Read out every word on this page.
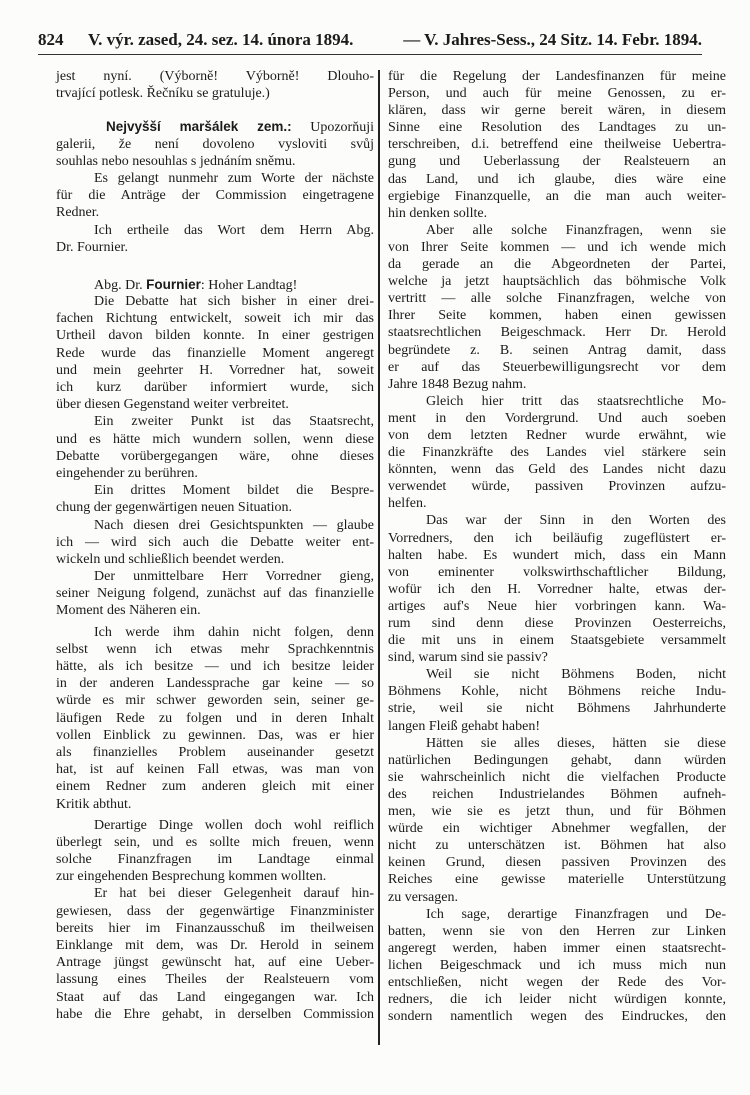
824 V. výr. zased, 24. sez. 14. února 1894.	— V. Jahres-Sess., 24 Sitz. 14. Febr. 1894.
jest nyní. (Výborně! Výborně! Dlouho-
trvající potlesk. Řečníku se gratuluje.)
Nejvyšší maršálek zem.: Upozorňuji
galerii, že není dovoleno vysloviti svůj
souhlas nebo nesouhlas s jednáním sněmu.
Es gelangt nunmehr zum Worte der nächste
für die Anträge der Commission eingetragene
Redner.
Ich ertheile das Wort dem Herrn Abg.
Dr. Fournier.
Abg. Dr. Fournier: Hoher Landtag!
Die Debatte hat sich bisher in einer drei-
fachen Richtung entwickelt, soweit ich mir das
Urtheil davon bilden konnte. In einer gestrigen
Rede wurde das finanzielle Moment angeregt
und mein geehrter H. Vorredner hat, soweit
ich kurz darüber informiert wurde, sich
über diesen Gegenstand weiter verbreitet.
Ein zweiter Punkt ist das Staatsrecht,
und es hätte mich wundern sollen, wenn diese
Debatte vorübergegangen wäre, ohne dieses
eingehender zu berühren.
Ein drittes Moment bildet die Bespre-
chung der gegenwärtigen neuen Situation.
Nach diesen drei Gesichtspunkten — glaube
ich — wird sich auch die Debatte weiter ent-
wickeln und schließlich beendet werden.
Der unmittelbare Herr Vorredner gieng,
seiner Neigung folgend, zunächst auf das finanzielle
Moment des Näheren ein.
Ich werde ihm dahin nicht folgen, denn
selbst wenn ich etwas mehr Sprachkenntnis
hätte, als ich besitze — und ich besitze leider
in der anderen Landessprache gar keine — so
würde es mir schwer geworden sein, seiner ge-
läufigen Rede zu folgen und in deren Inhalt
vollen Einblick zu gewinnen. Das, was er hier
als finanzielles Problem auseinander gesetzt
hat, ist auf keinen Fall etwas, was man von
einem Redner zum anderen gleich mit einer
Kritik abthut.
Derartige Dinge wollen doch wohl reiflich
überlegt sein, und es sollte mich freuen, wenn
solche Finanzfragen im Landtage einmal
zur eingehenden Besprechung kommen wollten.
Er hat bei dieser Gelegenheit darauf hin-
gewiesen, dass der gegenwärtige Finanzminister
bereits hier im Finanzausschuß im theilweisen
Einklange mit dem, was Dr. Herold in seinem
Antrage jüngst gewünscht hat, auf eine Ueber-
lassung eines Theiles der Realsteuern vom
Staat auf das Land eingegangen war. Ich
habe die Ehre gehabt, in derselben Commission
für die Regelung der Landesfinanzen für meine
Person, und auch für meine Genossen, zu er-
klären, dass wir gerne bereit wären, in diesem
Sinne eine Resolution des Landtages zu un-
terschreiben, d.i. betreffend eine theilweise Uebertra-
gung und Ueberlassung der Realsteuern an
das Land, und ich glaube, dies wäre eine
ergiebige Finanzquelle, an die man auch weiter-
hin denken sollte.
Aber alle solche Finanzfragen, wenn sie
von Ihrer Seite kommen — und ich wende mich
da gerade an die Abgeordneten der Partei,
welche ja jetzt hauptsächlich das böhmische Volk
vertritt — alle solche Finanzfragen, welche von
Ihrer Seite kommen, haben einen gewissen
staatsrechtlichen Beigeschmack. Herr Dr. Herold
begründete z. B. seinen Antrag damit, dass
er auf das Steuerbewilligungsrecht vor dem
Jahre 1848 Bezug nahm.
Gleich hier tritt das staatsrechtliche Mo-
ment in den Vordergrund. Und auch soeben
von dem letzten Redner wurde erwähnt, wie
die Finanzkräfte des Landes viel stärkere sein
könnten, wenn das Geld des Landes nicht dazu
verwendet würde, passiven Provinzen aufzu-
helfen.
Das war der Sinn in den Worten des
Vorredners, den ich beiläufig zugeflüstert er-
halten habe. Es wundert mich, dass ein Mann
von eminenter volkswirthschaftlicher Bildung,
wofür ich den H. Vorredner halte, etwas der-
artiges auf's Neue hier vorbringen kann. Wa-
rum sind denn diese Provinzen Oesterreichs,
die mit uns in einem Staatsgebiete versammelt
sind, warum sind sie passiv?
Weil sie nicht Böhmens Boden, nicht
Böhmens Kohle, nicht Böhmens reiche Indu-
strie, weil sie nicht Böhmens Jahrhunderte
langen Fleiß gehabt haben!
Hätten sie alles dieses, hätten sie diese
natürlichen Bedingungen gehabt, dann würden
sie wahrscheinlich nicht die vielfachen Producte
des reichen Industrielandes Böhmen aufneh-
men, wie sie es jetzt thun, und für Böhmen
würde ein wichtiger Abnehmer wegfallen, der
nicht zu unterschätzen ist. Böhmen hat also
keinen Grund, diesen passiven Provinzen des
Reiches eine gewisse materielle Unterstützung
zu versagen.
Ich sage, derartige Finanzfragen und De-
batten, wenn sie von den Herren zur Linken
angeregt werden, haben immer einen staatsrecht-
lichen Beigeschmack und ich muss mich nun
entschließen, nicht wegen der Rede des Vor-
redners, die ich leider nicht würdigen konnte,
sondern namentlich wegen des Eindruckes, den
